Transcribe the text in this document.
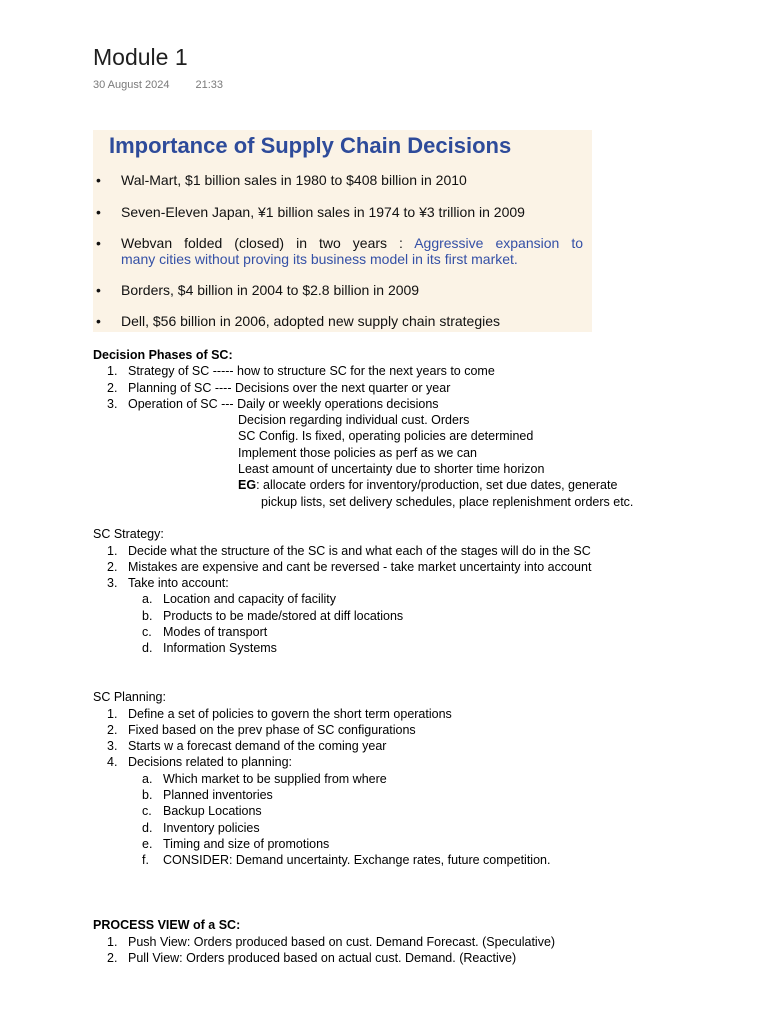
Module 1
30 August 2024 21:33
Importance of Supply Chain Decisions
• Wal-Mart, $1 billion sales in 1980 to $408 billion in 2010
• Seven-Eleven Japan, ¥1 billion sales in 1974 to ¥3 trillion in 2009
• Webvan folded (closed) in two years : Aggressive expansion to
many cities without proving its business model in its first market.
• Borders, $4 billion in 2004 to $2.8 billion in 2009
• Dell, $56 billion in 2006, adopted new supply chain strategies

Decision Phases of SC:

1. Strategy of SC ----- how to structure SC for the next years to come
2. Planning of SC ---- Decisions over the next quarter or year
3. Operation of SC --- Daily or weekly operations decisions

Decision regarding individual cust. Orders

SC Config. Is fixed, operating policies are determined

Implement those policies as perf as we can

Least amount of uncertainty due to shorter time horizon

EG: allocate orders for inventory/production, set due dates, generate

pickup lists, set delivery schedules, place replenishment orders etc.

SC Strategy:

1. Decide what the structure of the SC is and what each of the stages will do in the SC
2. Mistakes are expensive and cant be reversed - take market uncertainty into account
3. Take into account:
a. Location and capacity of facility
b. Products to be made/stored at diff locations
c. Modes of transport
d. Information Systems

SC Planning:

1. Define a set of policies to govern the short term operations
2. Fixed based on the prev phase of SC configurations
3. Starts w a forecast demand of the coming year
4. Decisions related to planning:
a. Which market to be supplied from where
b. Planned inventories
c. Backup Locations
d. Inventory policies
e. Timing and size of promotions
f. CONSIDER: Demand uncertainty. Exchange rates, future competition.

PROCESS VIEW of a SC:

1. Push View: Orders produced based on cust. Demand Forecast. (Speculative)
2. Pull View: Orders produced based on actual cust. Demand. (Reactive)
